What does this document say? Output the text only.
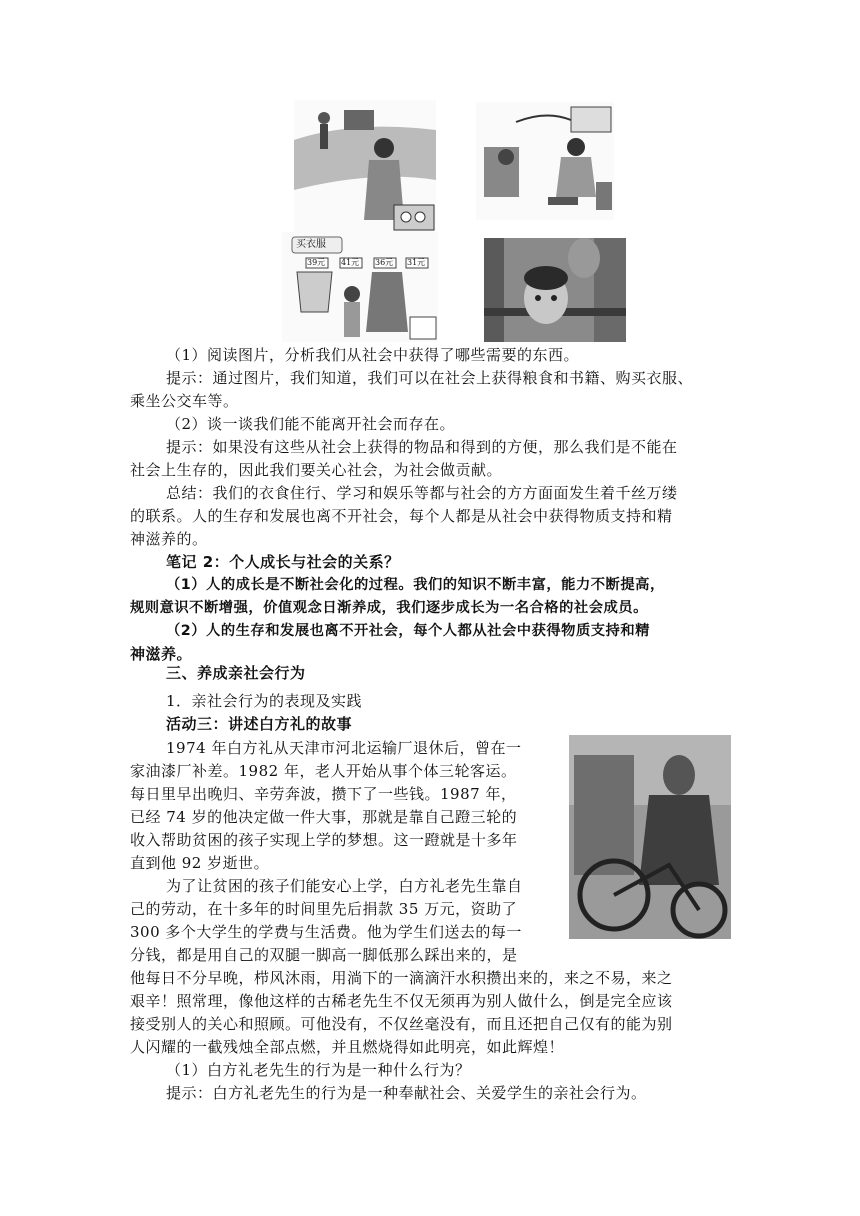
买衣服
39元 41元 36元 31元
（1）阅读图片，分析我们从社会中获得了哪些需要的东西。
提示：通过图片，我们知道，我们可以在社会上获得粮食和书籍、购买衣服、
乘坐公交车等。
（2）谈一谈我们能不能离开社会而存在。
提示：如果没有这些从社会上获得的物品和得到的方便，那么我们是不能在
社会上生存的，因此我们要关心社会，为社会做贡献。
总结：我们的衣食住行、学习和娱乐等都与社会的方方面面发生着千丝万缕
的联系。人的生存和发展也离不开社会，每个人都是从社会中获得物质支持和精
神滋养的。
笔记 2：个人成长与社会的关系？
（1）人的成长是不断社会化的过程。我们的知识不断丰富，能力不断提高，
规则意识不断增强，价值观念日渐养成，我们逐步成长为一名合格的社会成员。
（2）人的生存和发展也离不开社会，每个人都从社会中获得物质支持和精
神滋养。
三、养成亲社会行为
1．亲社会行为的表现及实践
活动三：讲述白方礼的故事
1974 年白方礼从天津市河北运输厂退休后，曾在一
家油漆厂补差。1982 年，老人开始从事个体三轮客运。
每日里早出晚归、辛劳奔波，攒下了一些钱。1987 年，
已经 74 岁的他决定做一件大事，那就是靠自己蹬三轮的
收入帮助贫困的孩子实现上学的梦想。这一蹬就是十多年
直到他 92 岁逝世。
为了让贫困的孩子们能安心上学，白方礼老先生靠自
己的劳动，在十多年的时间里先后捐款 35 万元，资助了
300 多个大学生的学费与生活费。他为学生们送去的每一
分钱，都是用自己的双腿一脚高一脚低那么踩出来的，是
他每日不分早晚，栉风沐雨，用淌下的一滴滴汗水积攒出来的，来之不易，来之
艰辛！照常理，像他这样的古稀老先生不仅无须再为别人做什么，倒是完全应该
接受别人的关心和照顾。可他没有，不仅丝毫没有，而且还把自己仅有的能为别
人闪耀的一截残烛全部点燃，并且燃烧得如此明亮，如此辉煌！
（1）白方礼老先生的行为是一种什么行为？
提示：白方礼老先生的行为是一种奉献社会、关爱学生的亲社会行为。
